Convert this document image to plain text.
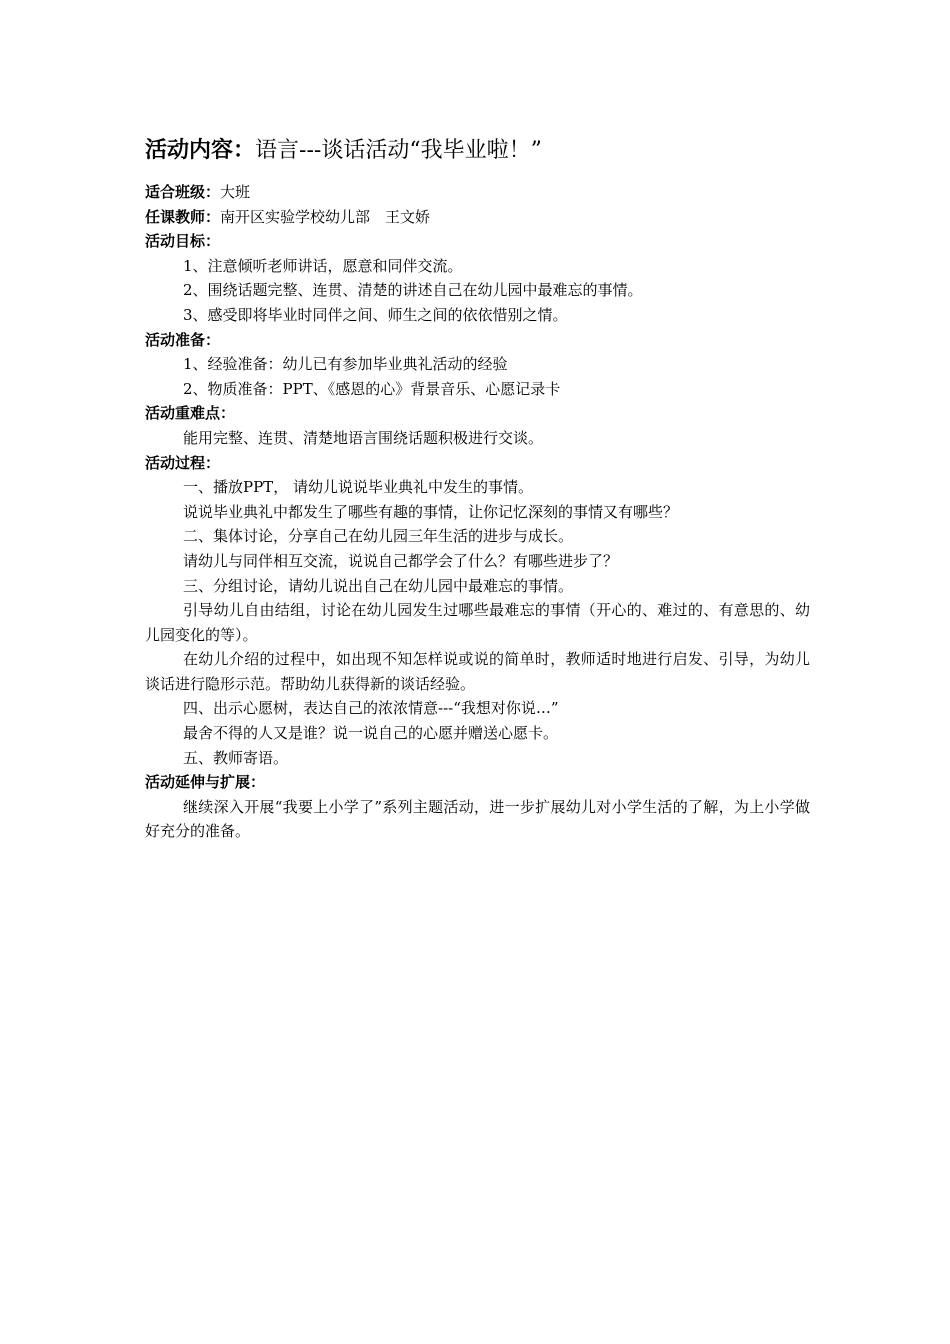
活动内容：语言---谈话活动“我毕业啦！”
适合班级：大班
任课教师：南开区实验学校幼儿部　王文娇
活动目标：

1、注意倾听老师讲话，愿意和同伴交流。

2、围绕话题完整、连贯、清楚的讲述自己在幼儿园中最难忘的事情。

3、感受即将毕业时同伴之间、师生之间的依依惜别之情。

活动准备：

1、经验准备：幼儿已有参加毕业典礼活动的经验

2、物质准备：PPT、《感恩的心》背景音乐、心愿记录卡

活动重难点：

能用完整、连贯、清楚地语言围绕话题积极进行交谈。

活动过程：

一、播放PPT， 请幼儿说说毕业典礼中发生的事情。

说说毕业典礼中都发生了哪些有趣的事情，让你记忆深刻的事情又有哪些？

二、集体讨论，分享自己在幼儿园三年生活的进步与成长。

请幼儿与同伴相互交流，说说自己都学会了什么？有哪些进步了？

三、分组讨论，请幼儿说出自己在幼儿园中最难忘的事情。

引导幼儿自由结组，讨论在幼儿园发生过哪些最难忘的事情（开心的、难过的、有意思的、幼儿园变化的等）。

在幼儿介绍的过程中，如出现不知怎样说或说的简单时，教师适时地进行启发、引导，为幼儿谈话进行隐形示范。帮助幼儿获得新的谈话经验。

四、出示心愿树，表达自己的浓浓情意---“我想对你说…”

最舍不得的人又是谁？说一说自己的心愿并赠送心愿卡。

五、教师寄语。

活动延伸与扩展：

继续深入开展“我要上小学了”系列主题活动，进一步扩展幼儿对小学生活的了解，为上小学做好充分的准备。
